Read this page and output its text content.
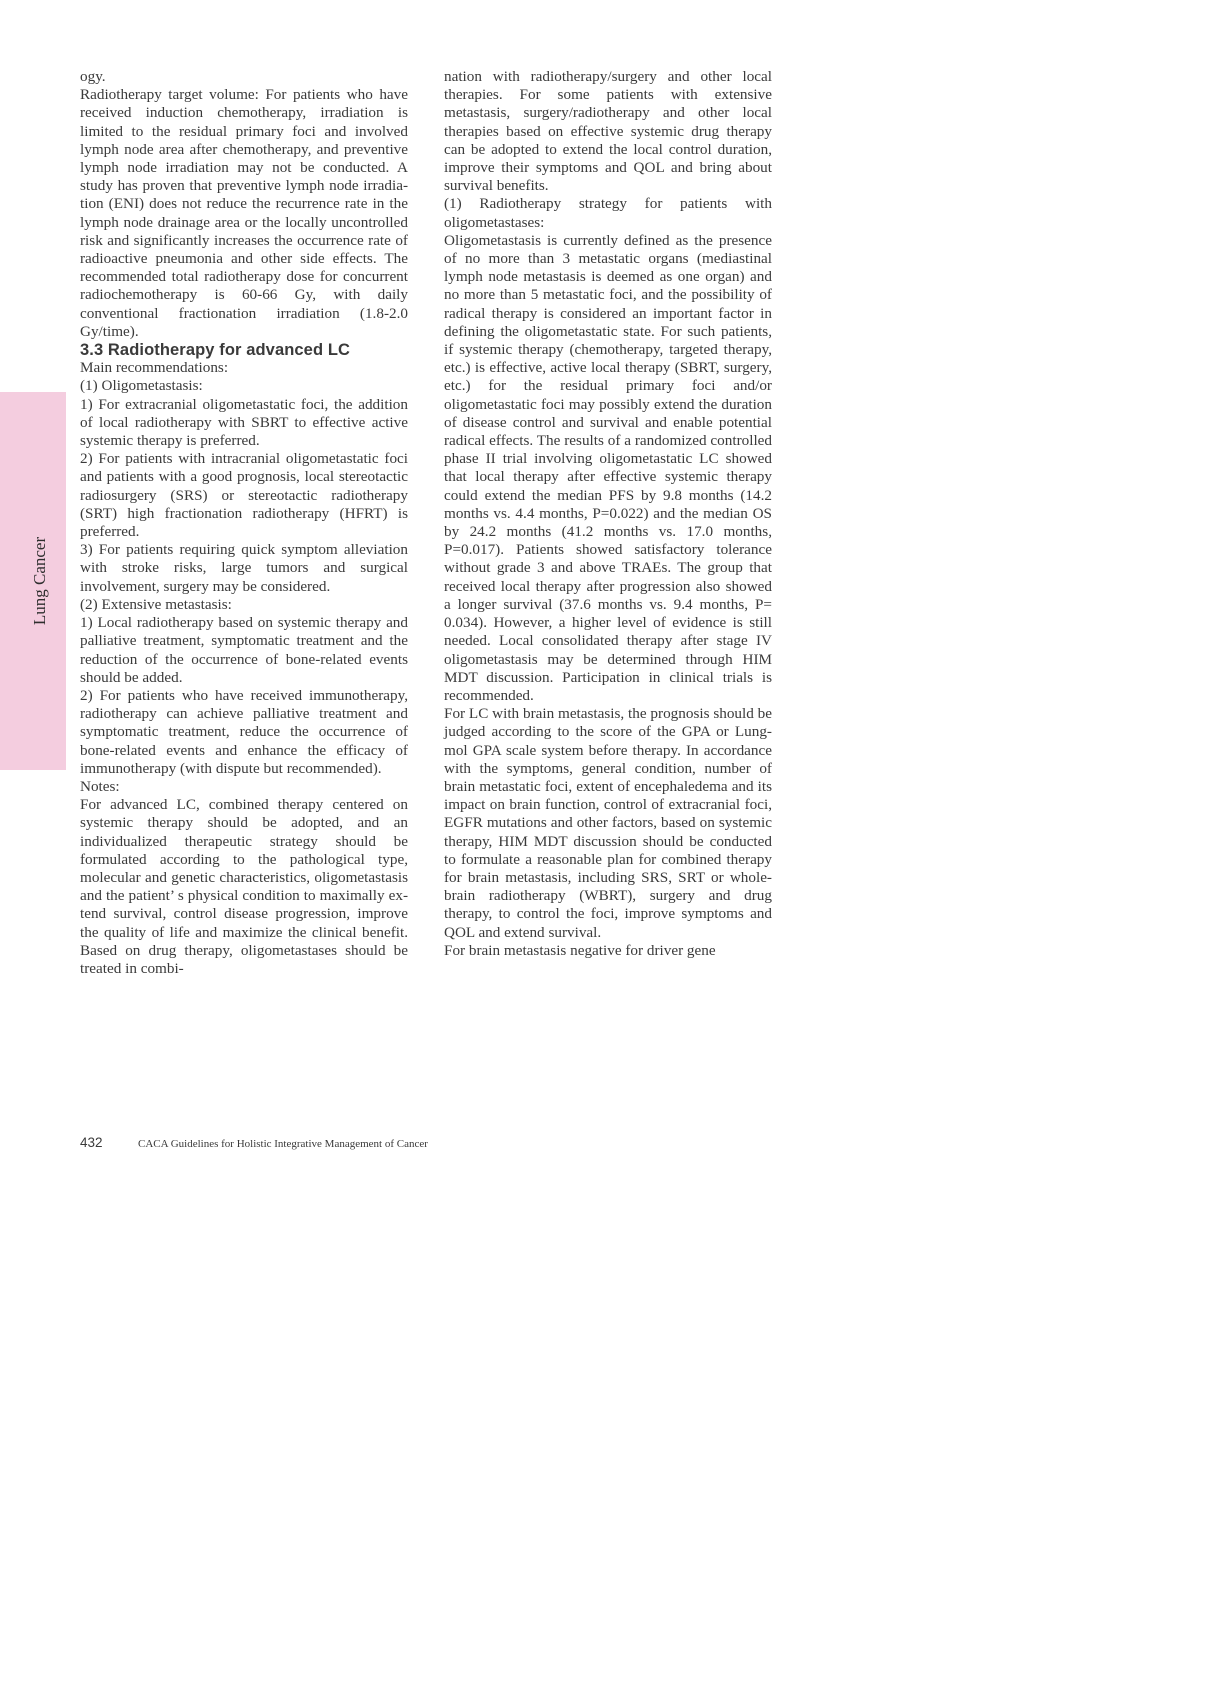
Lung Cancer

ogy.

Radiotherapy target volume: For patients who have received induction chemotherapy, irradiation is limited to the residual primary foci and involved lymph node area after chemotherapy, and preventive lymph node irradiation may not be conducted. A study has proven that preventive lymph node irradiation (ENI) does not reduce the recurrence rate in the lymph node drainage area or the locally uncontrolled risk and significantly increases the occurrence rate of radioactive pneumonia and other side effects. The recommended total radiotherapy dose for concurrent radiochemotherapy is 60-66 Gy, with daily conventional fractionation irradiation (1.8-2.0 Gy/time).

3.3 Radiotherapy for advanced LC

Main recommendations:

(1) Oligometastasis:

1) For extracranial oligometastatic foci, the addition of local radiotherapy with SBRT to effective active systemic therapy is preferred.

2) For patients with intracranial oligometastatic foci and patients with a good prognosis, local stereotactic radiosurgery (SRS) or stereotactic radiotherapy (SRT) high fractionation radiotherapy (HFRT) is preferred.

3) For patients requiring quick symptom alleviation with stroke risks, large tumors and surgical involvement, surgery may be considered.

(2) Extensive metastasis:

1) Local radiotherapy based on systemic therapy and palliative treatment, symptomatic treatment and the reduction of the occurrence of bone-related events should be added.

2) For patients who have received immunotherapy, radiotherapy can achieve palliative treatment and symptomatic treatment, reduce the occurrence of bone-related events and enhance the efficacy of immunotherapy (with dispute but recommended).

Notes:

For advanced LC, combined therapy centered on systemic therapy should be adopted, and an individualized therapeutic strategy should be formulated according to the pathological type, molecular and genetic characteristics, oligometastasis and the patient’ s physical condition to maximally extend survival, control disease progression, improve the quality of life and maximize the clinical benefit. Based on drug therapy, oligometastases should be treated in combi-

nation with radiotherapy/surgery and other local therapies. For some patients with extensive metastasis, surgery/radiotherapy and other local therapies based on effective systemic drug therapy can be adopted to extend the local control duration, improve their symptoms and QOL and bring about survival benefits.

(1) Radiotherapy strategy for patients with oligometastases:

Oligometastasis is currently defined as the presence of no more than 3 metastatic organs (mediastinal lymph node metastasis is deemed as one organ) and no more than 5 metastatic foci, and the possibility of radical therapy is considered an important factor in defining the oligometastatic state. For such patients, if systemic therapy (chemotherapy, targeted therapy, etc.) is effective, active local therapy (SBRT, surgery, etc.) for the residual primary foci and/or oligometastatic foci may possibly extend the duration of disease control and survival and enable potential radical effects. The results of a randomized controlled phase II trial involving oligometastatic LC showed that local therapy after effective systemic therapy could extend the median PFS by 9.8 months (14.2 months vs. 4.4 months, P=0.022) and the median OS by 24.2 months (41.2 months vs. 17.0 months, P=0.017). Patients showed satisfactory tolerance without grade 3 and above TRAEs. The group that received local therapy after progression also showed a longer survival (37.6 months vs. 9.4 months, P= 0.034). However, a higher level of evidence is still needed. Local consolidated therapy after stage IV oligometastasis may be determined through HIM MDT discussion. Participation in clinical trials is recommended.

For LC with brain metastasis, the prognosis should be judged according to the score of the GPA or Lung-mol GPA scale system before therapy. In accordance with the symptoms, general condition, number of brain metastatic foci, extent of encephaledema and its impact on brain function, control of extracranial foci, EGFR mutations and other factors, based on systemic therapy, HIM MDT discussion should be conducted to formulate a reasonable plan for combined therapy for brain metastasis, including SRS, SRT or whole-brain radiotherapy (WBRT), surgery and drug therapy, to control the foci, improve symptoms and QOL and extend survival.

For brain metastasis negative for driver gene

432	CACA Guidelines for Holistic Integrative Management of Cancer
